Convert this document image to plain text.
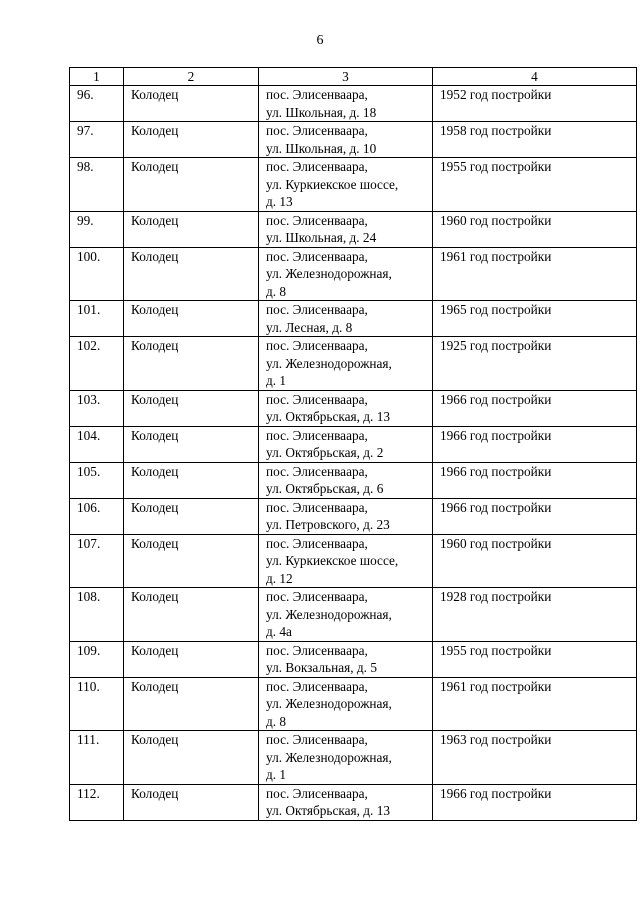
6
1	2	3	4
96.	Колодец	пос. Элисенваара,
ул. Школьная, д. 18	1952 год постройки
97.	Колодец	пос. Элисенваара,
ул. Школьная, д. 10	1958 год постройки
98.	Колодец	пос. Элисенваара,
ул. Куркиекское шоссе,
д. 13	1955 год постройки
99.	Колодец	пос. Элисенваара,
ул. Школьная, д. 24	1960 год постройки
100.	Колодец	пос. Элисенваара,
ул. Железнодорожная,
д. 8	1961 год постройки
101.	Колодец	пос. Элисенваара,
ул. Лесная, д. 8	1965 год постройки
102.	Колодец	пос. Элисенваара,
ул. Железнодорожная,
д. 1	1925 год постройки
103.	Колодец	пос. Элисенваара,
ул. Октябрьская, д. 13	1966 год постройки
104.	Колодец	пос. Элисенваара,
ул. Октябрьская, д. 2	1966 год постройки
105.	Колодец	пос. Элисенваара,
ул. Октябрьская, д. 6	1966 год постройки
106.	Колодец	пос. Элисенваара,
ул. Петровского, д. 23	1966 год постройки
107.	Колодец	пос. Элисенваара,
ул. Куркиекское шоссе,
д. 12	1960 год постройки
108.	Колодец	пос. Элисенваара,
ул. Железнодорожная,
д. 4а	1928 год постройки
109.	Колодец	пос. Элисенваара,
ул. Вокзальная, д. 5	1955 год постройки
110.	Колодец	пос. Элисенваара,
ул. Железнодорожная,
д. 8	1961 год постройки
111.	Колодец	пос. Элисенваара,
ул. Железнодорожная,
д. 1	1963 год постройки
112.	Колодец	пос. Элисенваара,
ул. Октябрьская, д. 13	1966 год постройки
